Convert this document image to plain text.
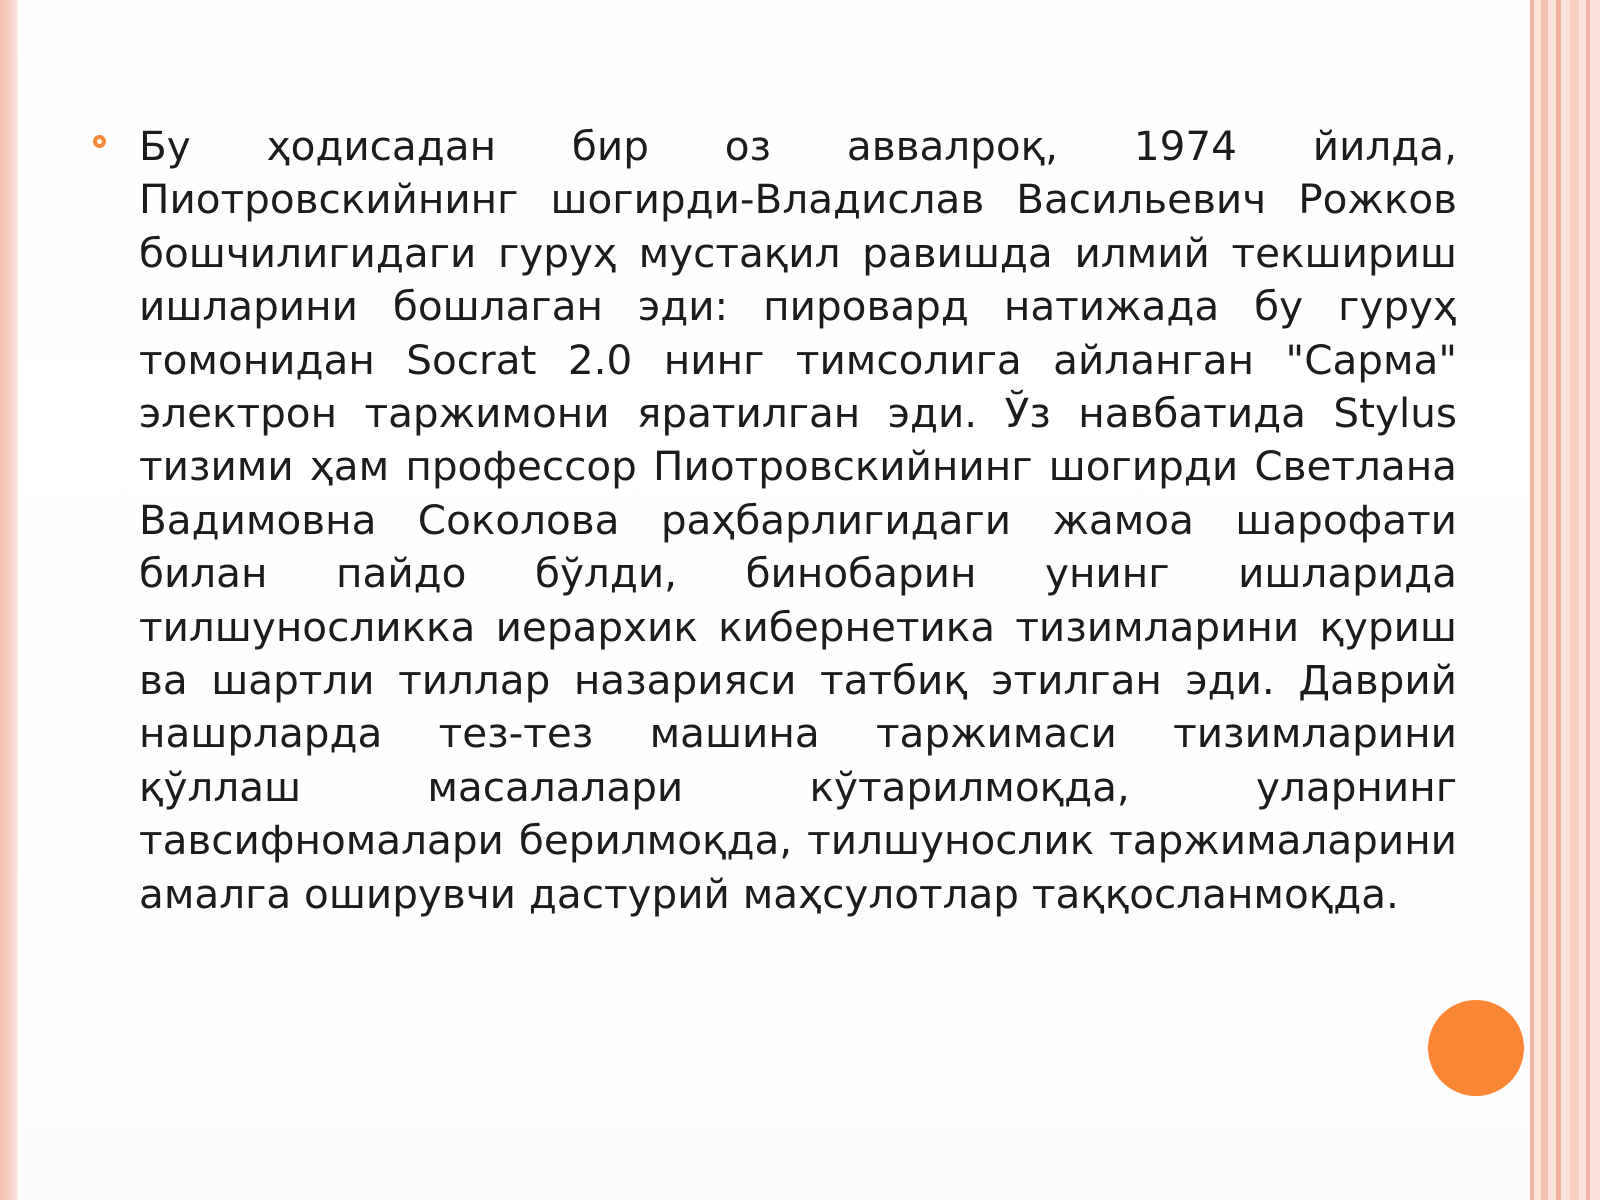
Бу ҳодисадан бир оз аввалроқ, 1974 йилда, Пиотровскийнинг шогирди-Владислав Васильевич Рожков бошчилигидаги гуруҳ мустақил равишда илмий текшириш ишларини бошлаган эди: пировард натижада бу гуруҳ томонидан Socrat 2.0 нинг тимсолига айланган "Сарма" электрон таржимони яратилган эди. Ўз навбатида Stylus тизими ҳам профессор Пиотровскийнинг шогирди Светлана Вадимовна Соколова раҳбарлигидаги жамоа шарофати билан пайдо бўлди, бинобарин унинг ишларида тилшуносликка иерархик кибернетика тизимларини қуриш ва шартли тиллар назарияси татбиқ этилган эди. Даврий нашрларда тез-тез машина таржимаси тизимларини қўллаш масалалари кўтарилмоқда, уларнинг тавсифномалари берилмоқда, тилшунослик таржималарини амалга оширувчи дастурий маҳсулотлар таққосланмоқда.
